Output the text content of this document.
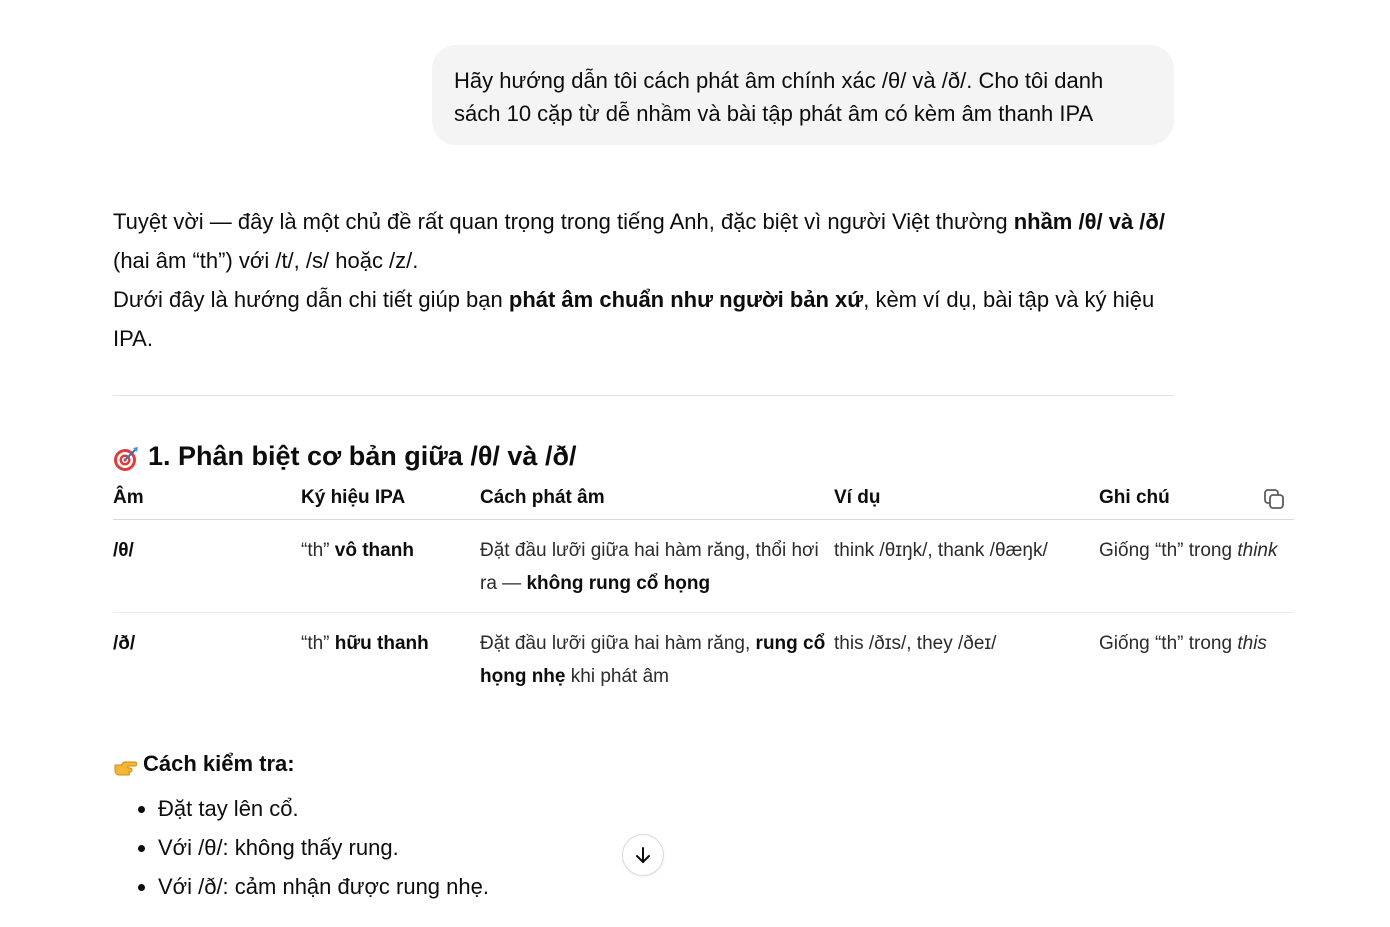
Hãy hướng dẫn tôi cách phát âm chính xác /θ/ và /ð/. Cho tôi danh
sách 10 cặp từ dễ nhầm và bài tập phát âm có kèm âm thanh IPA

Tuyệt vời — đây là một chủ đề rất quan trọng trong tiếng Anh, đặc biệt vì người Việt thường nhầm /θ/ và /ð/ (hai âm “th”) với /t/, /s/ hoặc /z/.

Dưới đây là hướng dẫn chi tiết giúp bạn phát âm chuẩn như người bản xứ, kèm ví dụ, bài tập và ký hiệu IPA.

1. Phân biệt cơ bản giữa /θ/ và /ð/
Âm	Ký hiệu IPA	Cách phát âm	Ví dụ	Ghi chú
/θ/	“th” vô thanh	Đặt đầu lưỡi giữa hai hàm răng, thổi hơi ra — không rung cổ họng	think /θɪŋk/, thank /θæŋk/	Giống “th” trong think
/ð/	“th” hữu thanh	Đặt đầu lưỡi giữa hai hàm răng, rung cổ họng nhẹ khi phát âm	this /ðɪs/, they /ðeɪ/	Giống “th” trong this
Cách kiểm tra:
• Đặt tay lên cổ.
• Với /θ/: không thấy rung.
• Với /ð/: cảm nhận được rung nhẹ.
